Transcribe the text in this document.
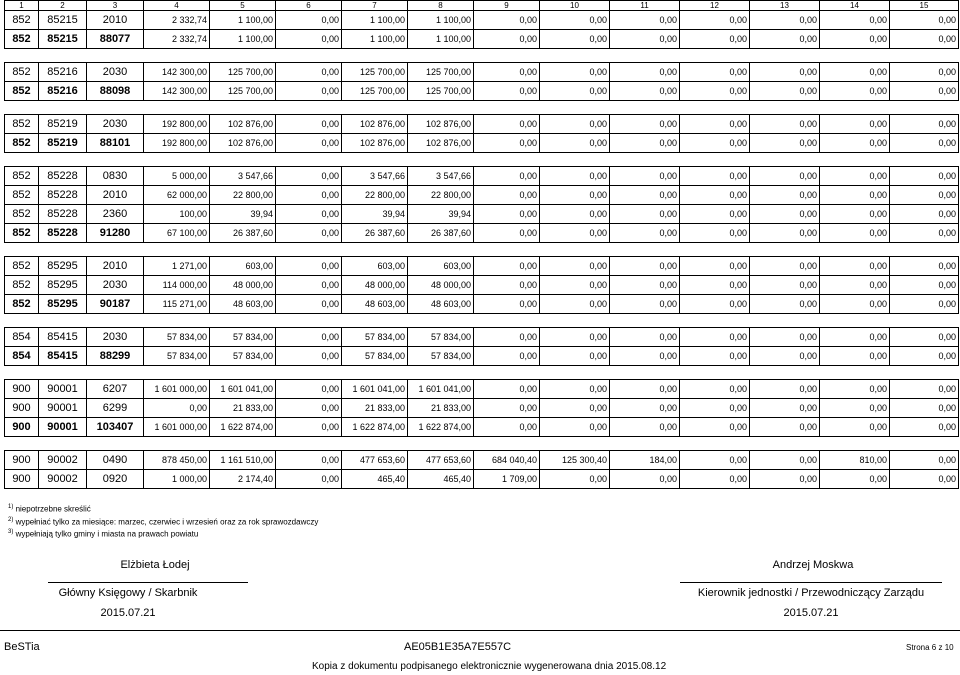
1	2	3	4	5	6	7	8	9	10	11	12	13	14	15
852	85215	2010	2 332,74	1 100,00	0,00	1 100,00	1 100,00	0,00	0,00	0,00	0,00	0,00	0,00	0,00
852	85215	88077	2 332,74	1 100,00	0,00	1 100,00	1 100,00	0,00	0,00	0,00	0,00	0,00	0,00	0,00

852	85216	2030	142 300,00	125 700,00	0,00	125 700,00	125 700,00	0,00	0,00	0,00	0,00	0,00	0,00	0,00
852	85216	88098	142 300,00	125 700,00	0,00	125 700,00	125 700,00	0,00	0,00	0,00	0,00	0,00	0,00	0,00

852	85219	2030	192 800,00	102 876,00	0,00	102 876,00	102 876,00	0,00	0,00	0,00	0,00	0,00	0,00	0,00
852	85219	88101	192 800,00	102 876,00	0,00	102 876,00	102 876,00	0,00	0,00	0,00	0,00	0,00	0,00	0,00

852	85228	0830	5 000,00	3 547,66	0,00	3 547,66	3 547,66	0,00	0,00	0,00	0,00	0,00	0,00	0,00
852	85228	2010	62 000,00	22 800,00	0,00	22 800,00	22 800,00	0,00	0,00	0,00	0,00	0,00	0,00	0,00
852	85228	2360	100,00	39,94	0,00	39,94	39,94	0,00	0,00	0,00	0,00	0,00	0,00	0,00
852	85228	91280	67 100,00	26 387,60	0,00	26 387,60	26 387,60	0,00	0,00	0,00	0,00	0,00	0,00	0,00

852	85295	2010	1 271,00	603,00	0,00	603,00	603,00	0,00	0,00	0,00	0,00	0,00	0,00	0,00
852	85295	2030	114 000,00	48 000,00	0,00	48 000,00	48 000,00	0,00	0,00	0,00	0,00	0,00	0,00	0,00
852	85295	90187	115 271,00	48 603,00	0,00	48 603,00	48 603,00	0,00	0,00	0,00	0,00	0,00	0,00	0,00

854	85415	2030	57 834,00	57 834,00	0,00	57 834,00	57 834,00	0,00	0,00	0,00	0,00	0,00	0,00	0,00
854	85415	88299	57 834,00	57 834,00	0,00	57 834,00	57 834,00	0,00	0,00	0,00	0,00	0,00	0,00	0,00

900	90001	6207	1 601 000,00	1 601 041,00	0,00	1 601 041,00	1 601 041,00	0,00	0,00	0,00	0,00	0,00	0,00	0,00
900	90001	6299	0,00	21 833,00	0,00	21 833,00	21 833,00	0,00	0,00	0,00	0,00	0,00	0,00	0,00
900	90001	103407	1 601 000,00	1 622 874,00	0,00	1 622 874,00	1 622 874,00	0,00	0,00	0,00	0,00	0,00	0,00	0,00

900	90002	0490	878 450,00	1 161 510,00	0,00	477 653,60	477 653,60	684 040,40	125 300,40	184,00	0,00	0,00	810,00	0,00
900	90002	0920	1 000,00	2 174,40	0,00	465,40	465,40	1 709,00	0,00	0,00	0,00	0,00	0,00	0,00
$^{1)}$ niepotrzebne skreślić
$^{2)}$ wypełniać tylko za miesiące: marzec, czerwiec i wrzesień oraz za rok sprawozdawczy
$^{3)}$ wypełniają tylko gminy i miasta na prawach powiatu
Elżbieta Łodej
Główny Księgowy / Skarbnik
2015.07.21
Andrzej Moskwa
Kierownik jednostki / Przewodniczący Zarządu
2015.07.21
BeSTia	AE05B1E35A7E557C	Strona 6 z 10
Kopia z dokumentu podpisanego elektronicznie wygenerowana dnia 2015.08.12
